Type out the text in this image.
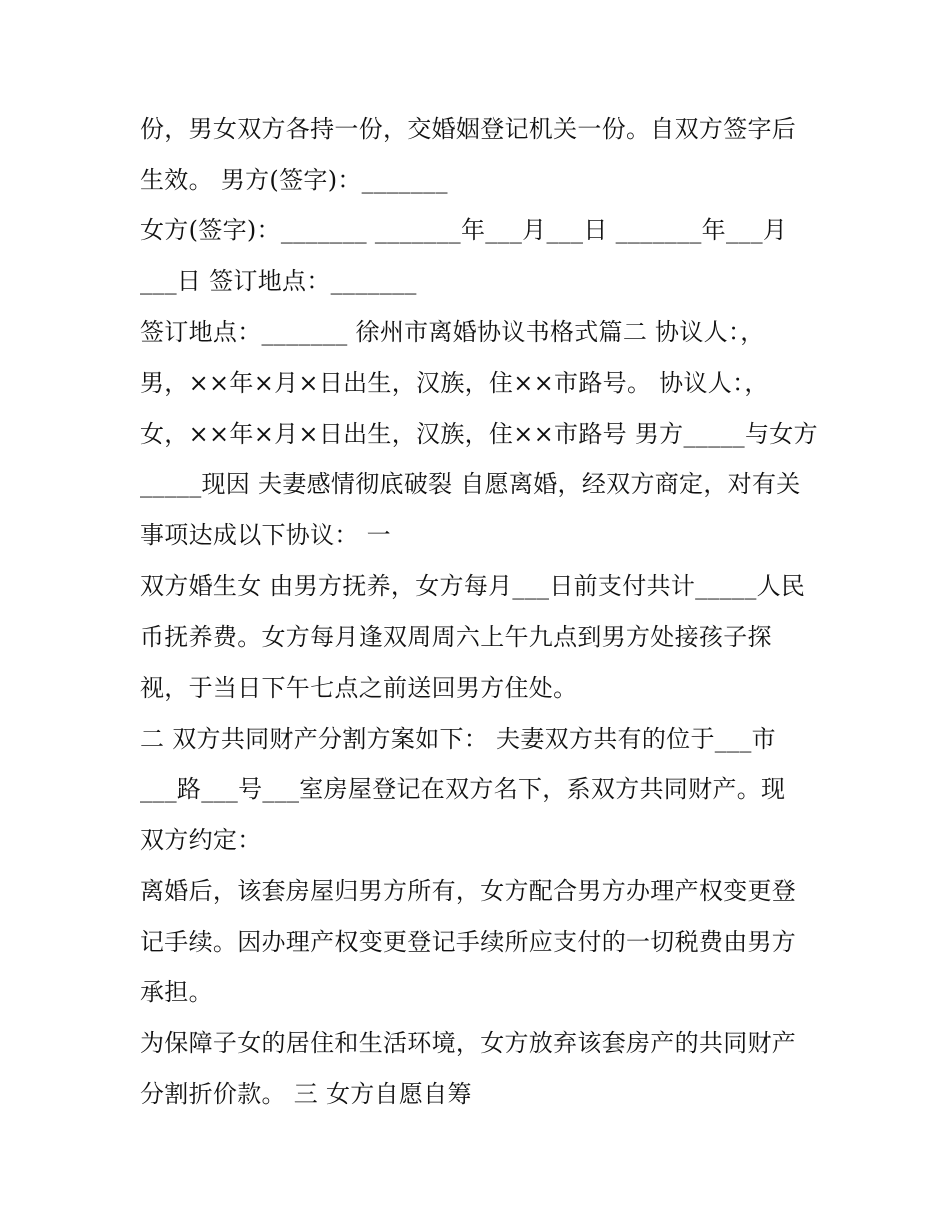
份，男女双方各持一份，交婚姻登记机关一份。自双方签字后
生效。 男方(签字)：_______
女方(签字)：_______ _______年___月___日 _______年___月
___日 签订地点：_______
签订地点：_______ 徐州市离婚协议书格式篇二 协议人：，
男，××年×月×日出生，汉族，住××市路号。 协议人：，
女，××年×月×日出生，汉族，住××市路号 男方_____与女方
_____现因 夫妻感情彻底破裂 自愿离婚，经双方商定，对有关
事项达成以下协议： 一
双方婚生女 由男方抚养，女方每月___日前支付共计_____人民
币抚养费。女方每月逢双周周六上午九点到男方处接孩子探
视，于当日下午七点之前送回男方住处。
二 双方共同财产分割方案如下： 夫妻双方共有的位于___市
___路___号___室房屋登记在双方名下，系双方共同财产。现
双方约定：
离婚后，该套房屋归男方所有，女方配合男方办理产权变更登
记手续。因办理产权变更登记手续所应支付的一切税费由男方
承担。
为保障子女的居住和生活环境，女方放弃该套房产的共同财产
分割折价款。 三 女方自愿自筹
